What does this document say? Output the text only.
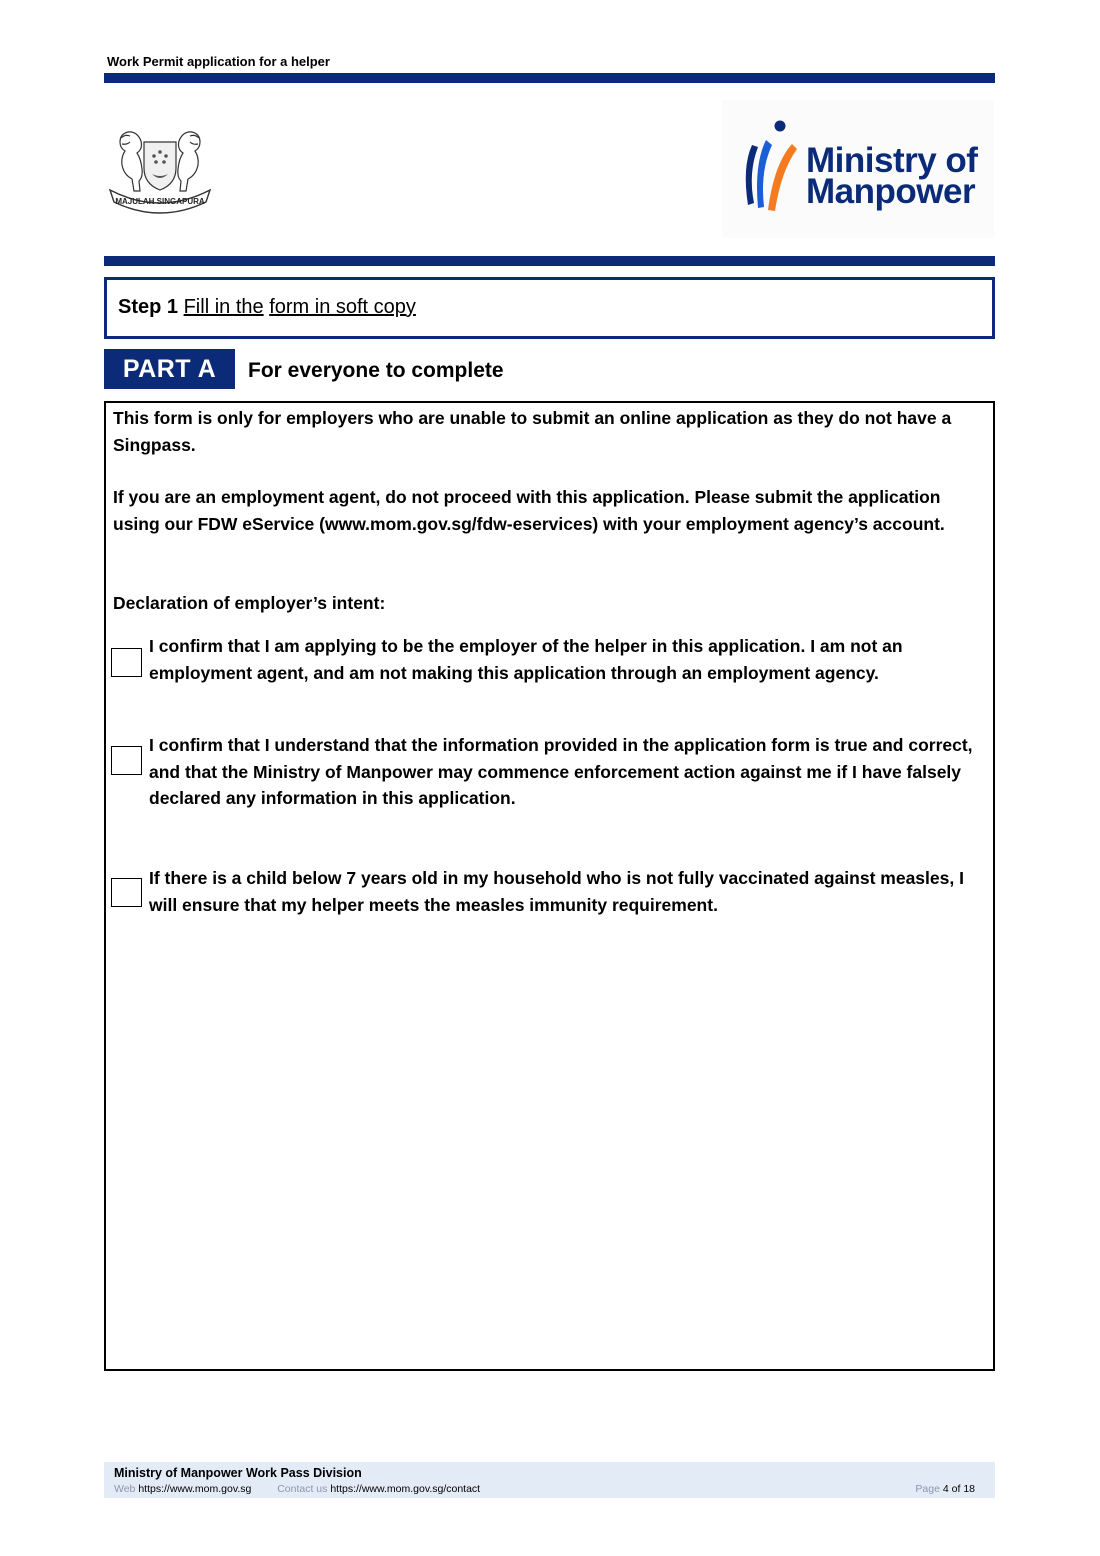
Work Permit application for a helper
MAJULAH SINGAPURA
Ministry of
Manpower
Step 1 Fill in the form in soft copy
PART A	For everyone to complete
This form is only for employers who are unable to submit an online application as they do not have a Singpass.
If you are an employment agent, do not proceed with this application. Please submit the application using our FDW eService (www.mom.gov.sg/fdw-eservices) with your employment agency’s account.
Declaration of employer’s intent:
I confirm that I am applying to be the employer of the helper in this application. I am not an employment agent, and am not making this application through an employment agency.
I confirm that I understand that the information provided in the application form is true and correct, and that the Ministry of Manpower may commence enforcement action against me if I have falsely declared any information in this application.
If there is a child below 7 years old in my household who is not fully vaccinated against measles, I will ensure that my helper meets the measles immunity requirement.
Ministry of Manpower Work Pass Division
Web https://www.mom.gov.sg Contact us https://www.mom.gov.sg/contact	Page 4 of 18
